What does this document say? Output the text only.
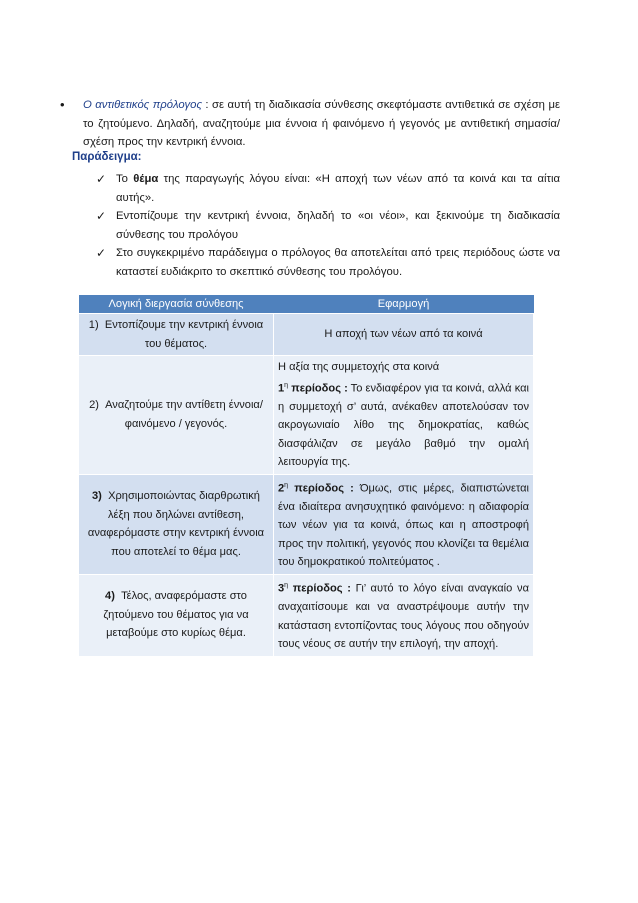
• Ο αντιθετικός πρόλογος : σε αυτή τη διαδικασία σύνθεσης σκεφτόμαστε αντιθετικά σε σχέση με το ζητούμενο. Δηλαδή, αναζητούμε μια έννοια ή φαινόμενο ή γεγονός με αντιθετική σημασία/σχέση προς την κεντρική έννοια.
Παράδειγμα:
✓ Το θέμα της παραγωγής λόγου είναι: «Η αποχή των νέων από τα κοινά και τα αίτια αυτής».
✓ Εντοπίζουμε την κεντρική έννοια, δηλαδή το «οι νέοι», και ξεκινούμε τη διαδικασία σύνθεσης του προλόγου
✓ Στο συγκεκριμένο παράδειγμα ο πρόλογος θα αποτελείται από τρεις περιόδους ώστε να καταστεί ευδιάκριτο το σκεπτικό σύνθεσης του προλόγου.
Λογική διεργασία σύνθεσης	Εφαρμογή
1) Εντοπίζουμε την κεντρική έννοια του θέματος.	Η αποχή των νέων από τα κοινά
2) Αναζητούμε την αντίθετη έννοια/ φαινόμενο / γεγονός.	Η αξία της συμμετοχής στα κοινά
$1^\eta$ περίοδος : Το ενδιαφέρον για τα κοινά, αλλά και η συμμετοχή σ’ αυτά, ανέκαθεν αποτελούσαν τον ακρογωνιαίο λίθο της δημοκρατίας, καθώς διασφάλιζαν σε μεγάλο βαθμό την ομαλή λειτουργία της.

3) Χρησιμοποιώντας διαρθρωτική λέξη που δηλώνει αντίθεση, αναφερόμαστε στην κεντρική έννοια που αποτελεί το θέμα μας.	$2^\eta$ περίοδος : Όμως, στις μέρες, διαπιστώνεται ένα ιδιαίτερα ανησυχητικό φαινόμενο: η αδιαφορία των νέων για τα κοινά, όπως και η αποστροφή προς την πολιτική, γεγονός που κλονίζει τα θεμέλια του δημοκρατικού πολιτεύματος .
4) Τέλος, αναφερόμαστε στο ζητούμενο του θέματος για να μεταβούμε στο κυρίως θέμα.	$3^\eta$ περίοδος : Γι’ αυτό το λόγο είναι αναγκαίο να αναχαιτίσουμε και να αναστρέψουμε αυτήν την κατάσταση εντοπίζοντας τους λόγους που οδηγούν τους νέους σε αυτήν την επιλογή, την αποχή.
